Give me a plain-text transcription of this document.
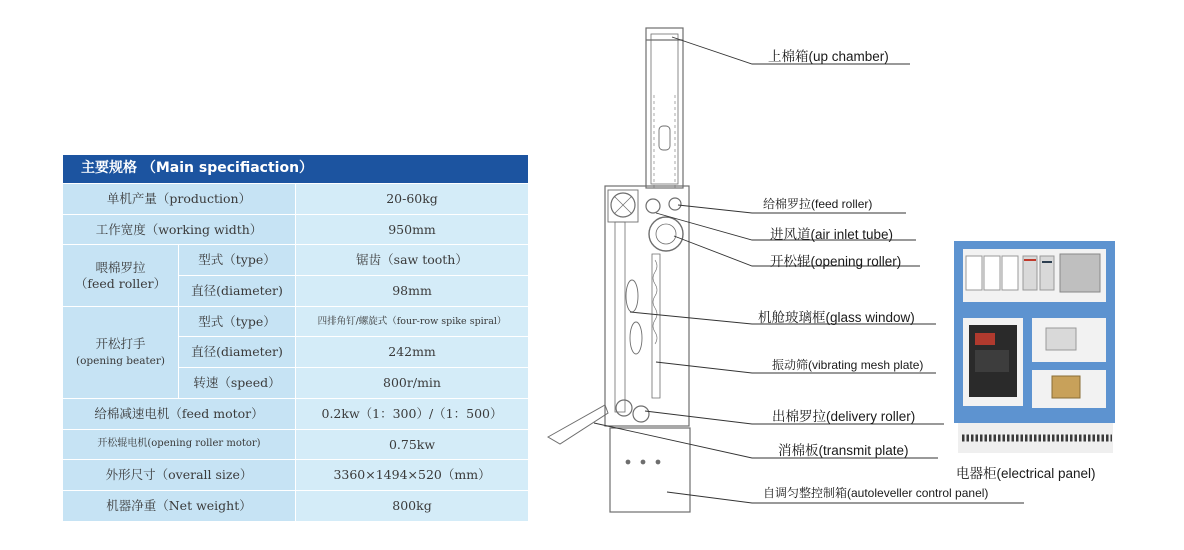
主要规格 （Main specifiaction）		
单机产量（production）		20-60kg
工作宽度（working width）		950mm
喂棉罗拉
（feed roller）	型式（type）	锯齿（saw tooth）
	直径(diameter)	98mm
开松打手
(opening beater)	型式（type）	四排角钉/螺旋式（four-row spike spiral）
	直径(diameter)	242mm
	转速（speed）	800r/min
给棉减速电机（feed motor）		0.2kw（1：300）/（1：500）
开松辊电机(opening roller motor)		0.75kw
外形尺寸（overall size）		3360×1494×520（mm）
机器净重（Net weight）		800kg
上棉箱(up chamber)
给棉罗拉(feed roller)
进风道(air inlet tube)
开松辊(opening roller)
机舱玻璃框(glass window)
振动筛(vibrating mesh plate)
出棉罗拉(delivery roller)
消棉板(transmit plate)
电器柜(electrical panel)
自调匀整控制箱(autoleveller control panel)
